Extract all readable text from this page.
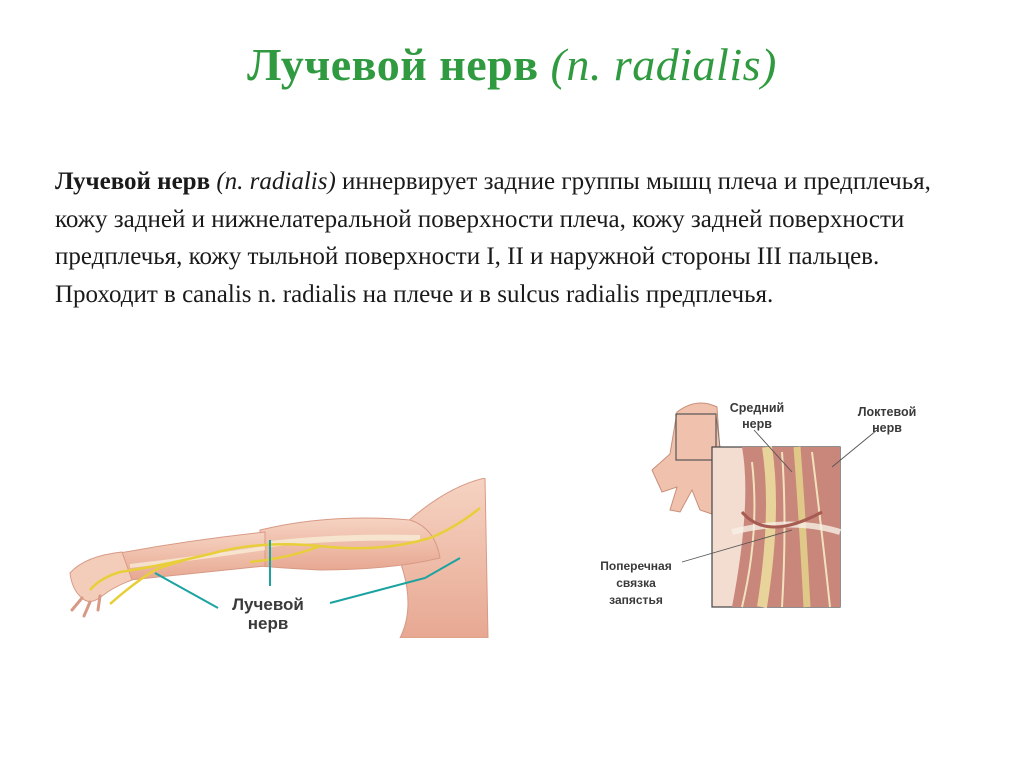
Лучевой нерв (n. radialis)
Лучевой нерв (n. radialis) иннервирует задние группы мышц плеча и предплечья, кожу задней и нижнелатеральной поверхности плеча, кожу задней поверхности предплечья, кожу тыльной поверхности I, II и наружной стороны III пальцев. Проходит в canalis n. radialis на плече и в sulcus radialis предплечья.
Лучевой
нерв
Средний
нерв
Локтевой
нерв
Поперечная
связка
запястья
